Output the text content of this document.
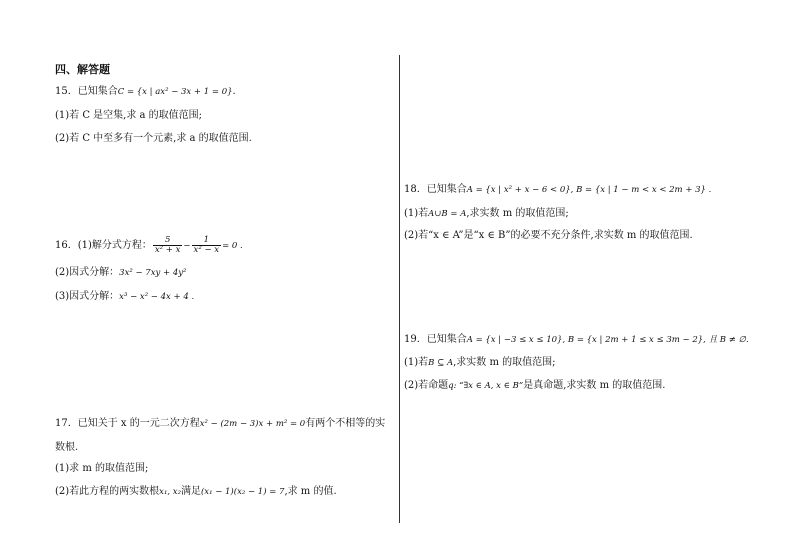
四、解答题
15．已知集合C = {x | ax² − 3x + 1 = 0}.
(1)若 C 是空集,求 a 的取值范围;
(2)若 C 中至多有一个元素,求 a 的取值范围.
16．(1)解分式方程： $\frac{5}{\text{x² + x}} - \frac{1}{\text{x² − x}} = 0$ .
(2)因式分解：3x² − 7xy + 4y²
(3)因式分解：x³ − x² − 4x + 4 .
17．已知关于 x 的一元二次方程x² − (2m − 3)x + m² = 0有两个不相等的实
数根.
(1)求 m 的取值范围;
(2)若此方程的两实数根x₁, x₂满足(x₁ − 1)(x₂ − 1) = 7,求 m 的值.
18．已知集合A = {x | x² + x − 6 < 0}, B = {x | 1 − m < x < 2m + 3} .
(1)若A∪B = A,求实数 m 的取值范围;
(2)若“x ∈ A”是“x ∈ B”的必要不充分条件,求实数 m 的取值范围.
19．已知集合A = {x | −3 ≤ x ≤ 10}, B = {x | 2m + 1 ≤ x ≤ 3m − 2}, 且 B ≠ ∅.
(1)若B ⊆ A,求实数 m 的取值范围;
(2)若命题q: “∃x ∈ A, x ∈ B”是真命题,求实数 m 的取值范围.
